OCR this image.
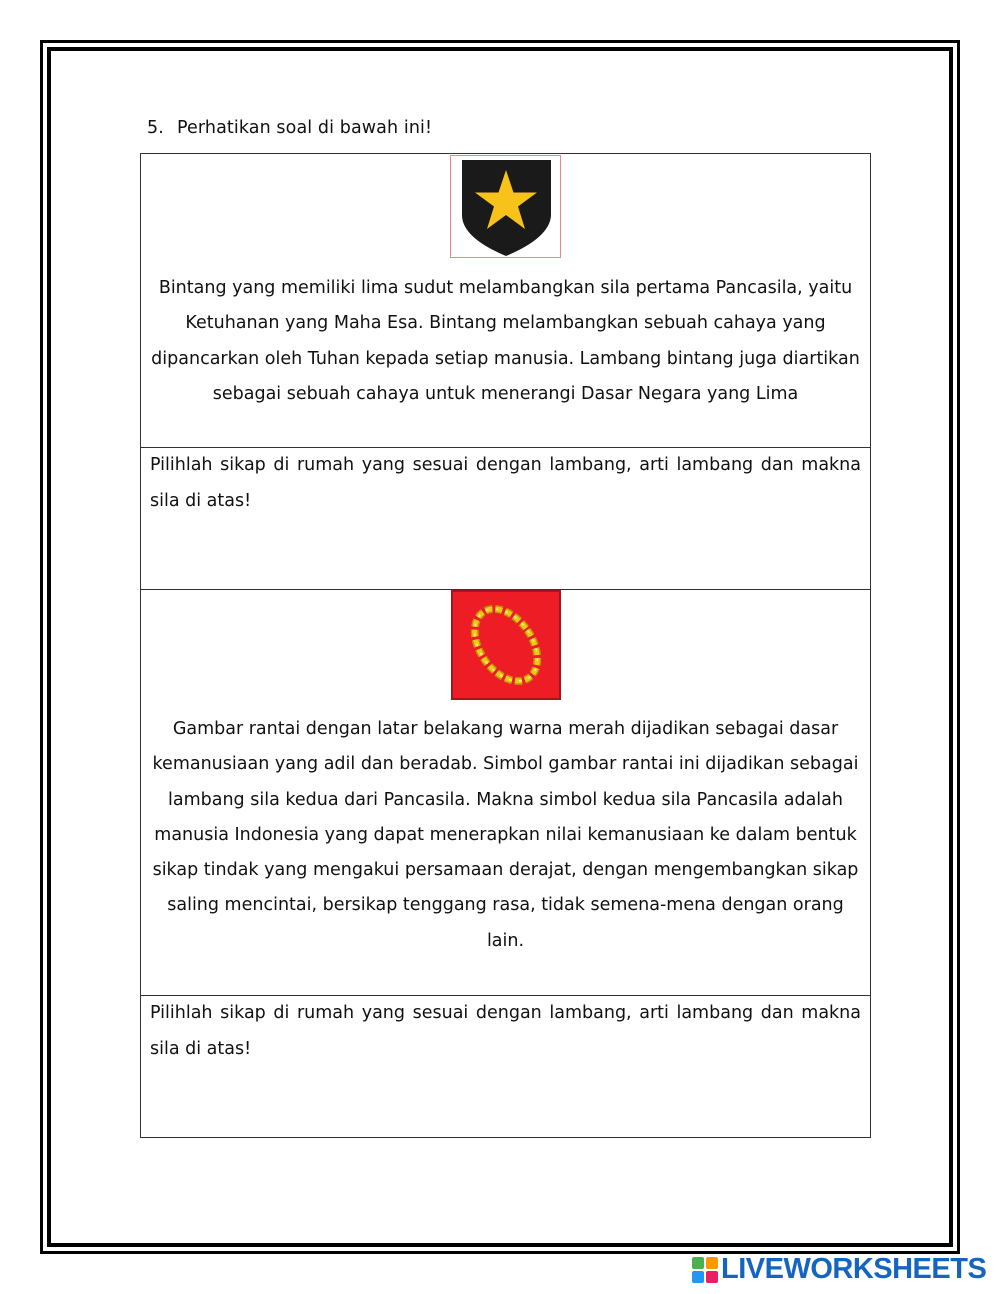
5. Perhatikan soal di bawah ini!

Bintang yang memiliki lima sudut melambangkan sila pertama Pancasila, yaitu

Ketuhanan yang Maha Esa. Bintang melambangkan sebuah cahaya yang

dipancarkan oleh Tuhan kepada setiap manusia. Lambang bintang juga diartikan

sebagai sebuah cahaya untuk menerangi Dasar Negara yang Lima

Pilihlah sikap di rumah yang sesuai dengan lambang, arti lambang dan makna sila di atas!

Gambar rantai dengan latar belakang warna merah dijadikan sebagai dasar

kemanusiaan yang adil dan beradab. Simbol gambar rantai ini dijadikan sebagai

lambang sila kedua dari Pancasila. Makna simbol kedua sila Pancasila adalah

manusia Indonesia yang dapat menerapkan nilai kemanusiaan ke dalam bentuk

sikap tindak yang mengakui persamaan derajat, dengan mengembangkan sikap

saling mencintai, bersikap tenggang rasa, tidak semena-mena dengan orang

lain.

Pilihlah sikap di rumah yang sesuai dengan lambang, arti lambang dan makna sila di atas!
LIVEWORKSHEETS
